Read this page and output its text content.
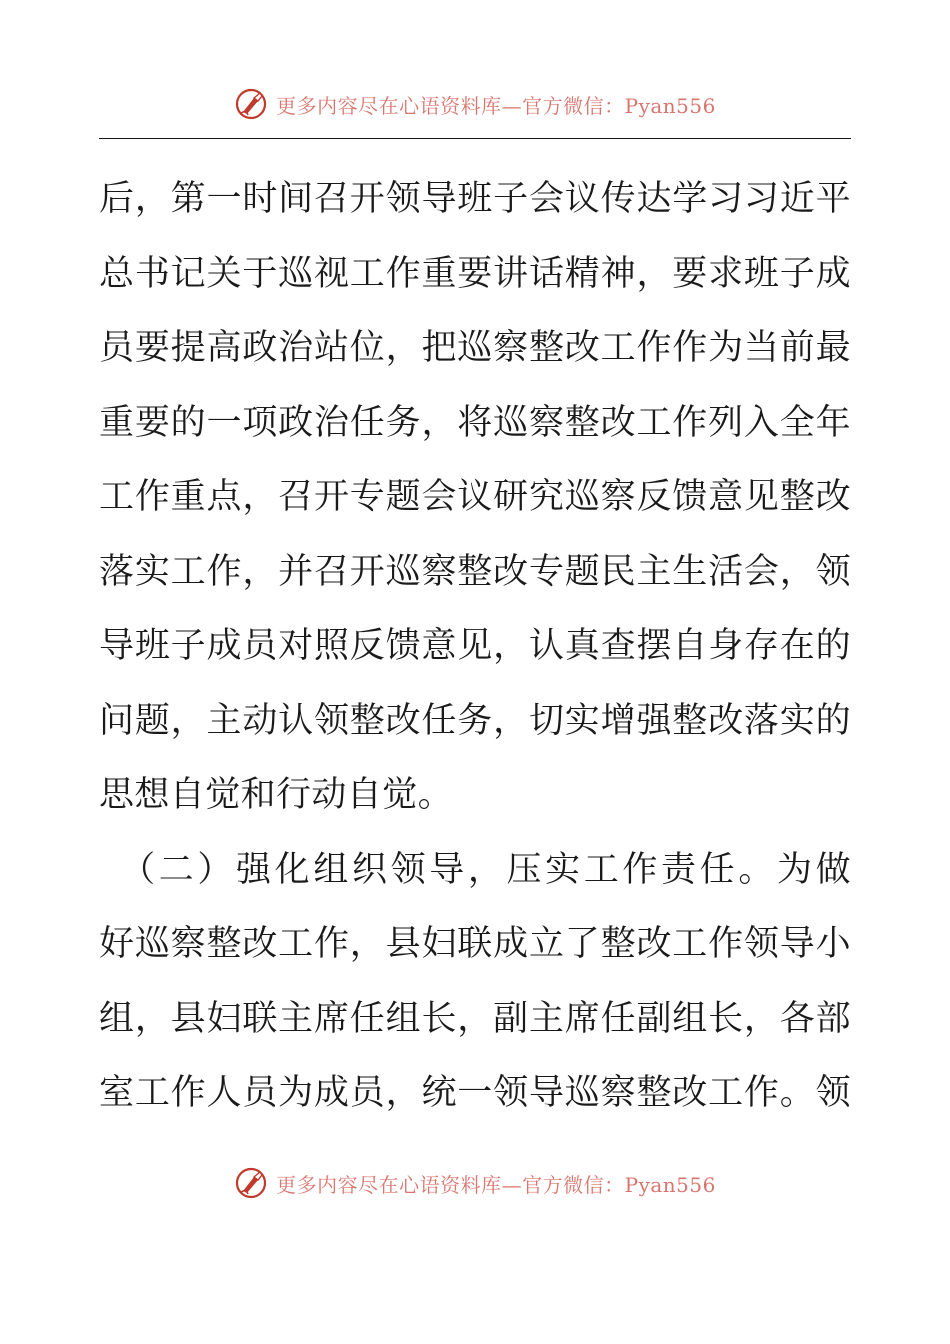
更多内容尽在心语资料库—官方微信：Pyan556
后，第一时间召开领导班子会议传达学习习近平
总书记关于巡视工作重要讲话精神，要求班子成
员要提高政治站位，把巡察整改工作作为当前最
重要的一项政治任务，将巡察整改工作列入全年
工作重点，召开专题会议研究巡察反馈意见整改
落实工作，并召开巡察整改专题民主生活会，领
导班子成员对照反馈意见，认真查摆自身存在的
问题，主动认领整改任务，切实增强整改落实的
思想自觉和行动自觉。
　（二）强化组织领导，压实工作责任。为做
好巡察整改工作，县妇联成立了整改工作领导小
组，县妇联主席任组长，副主席任副组长，各部
室工作人员为成员，统一领导巡察整改工作。领
更多内容尽在心语资料库—官方微信：Pyan556
